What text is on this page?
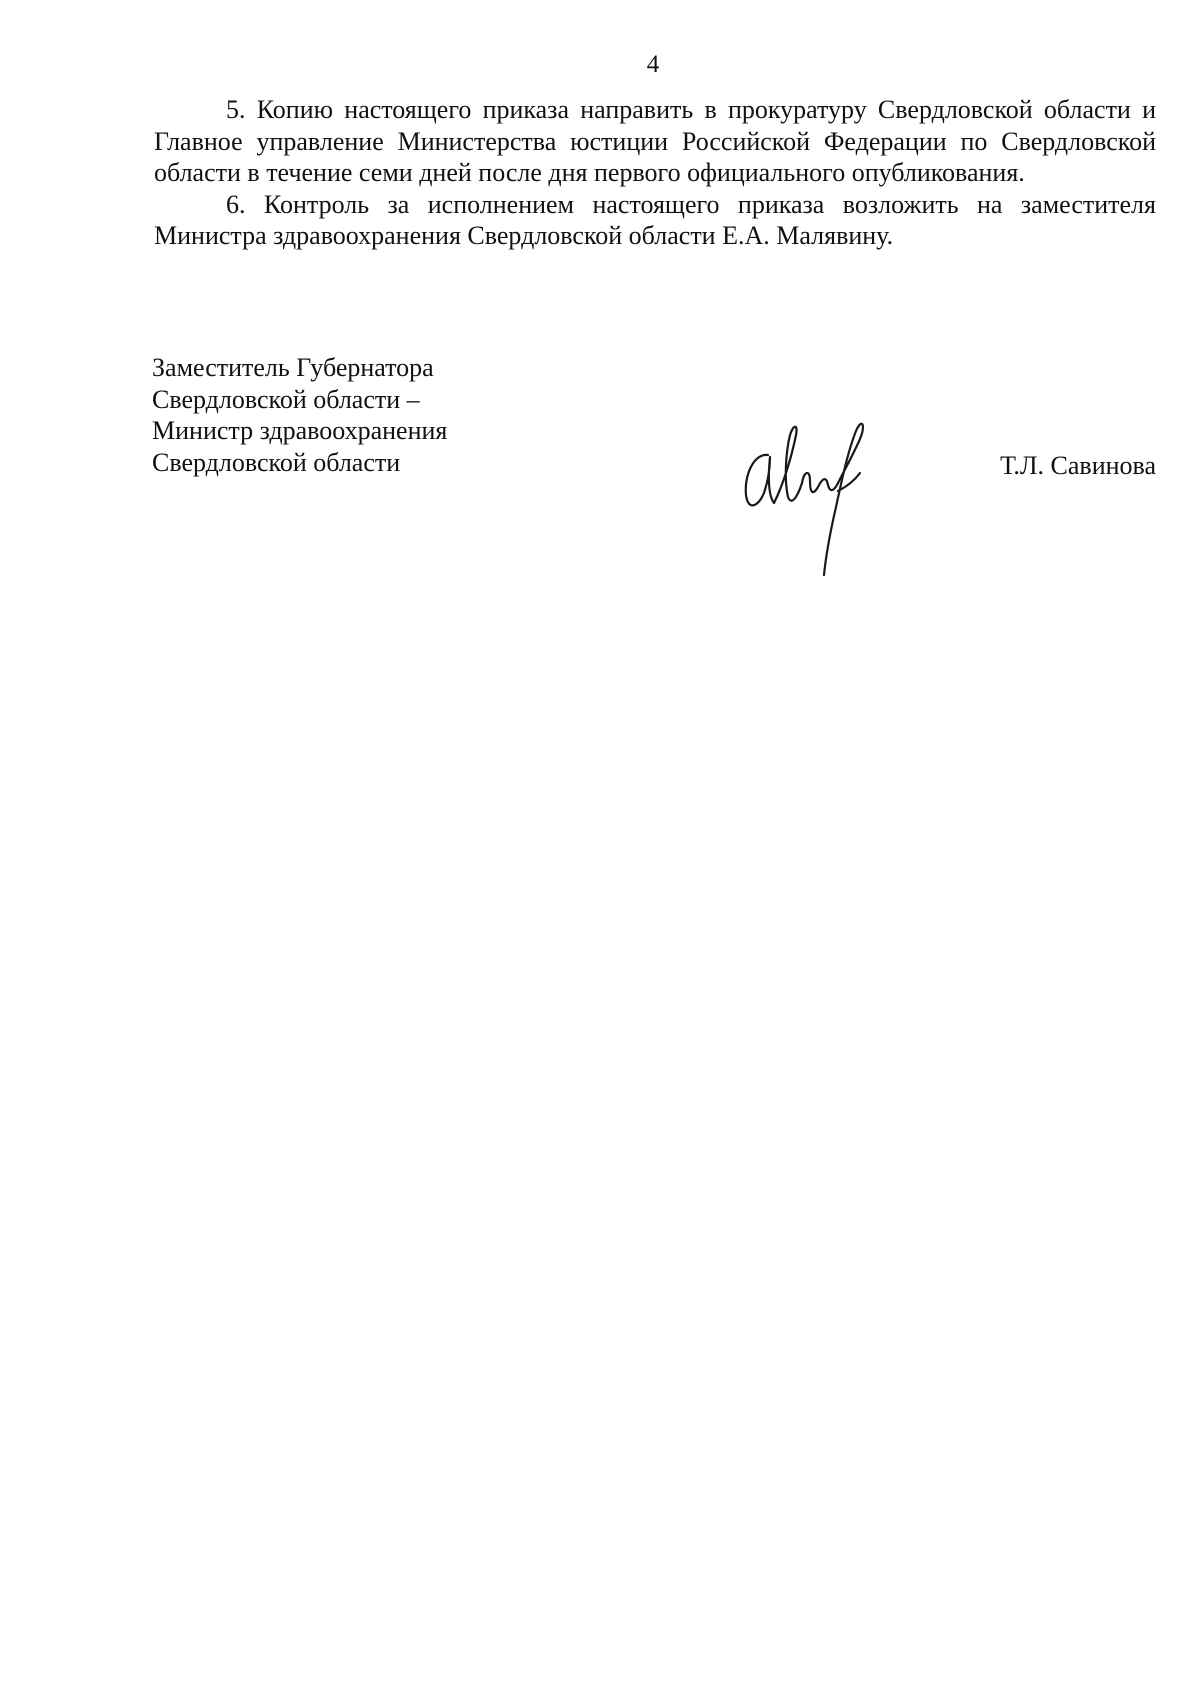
4

5. Копию настоящего приказа направить в прокуратуру Свердловской области и Главное управление Министерства юстиции Российской Федерации по Свердловской области в течение семи дней после дня первого официального опубликования.

6. Контроль за исполнением настоящего приказа возложить на заместителя Министра здравоохранения Свердловской области Е.А. Малявину.

Заместитель Губернатора
Свердловской области –
Министр здравоохранения
Свердловской области	Т.Л. Савинова
